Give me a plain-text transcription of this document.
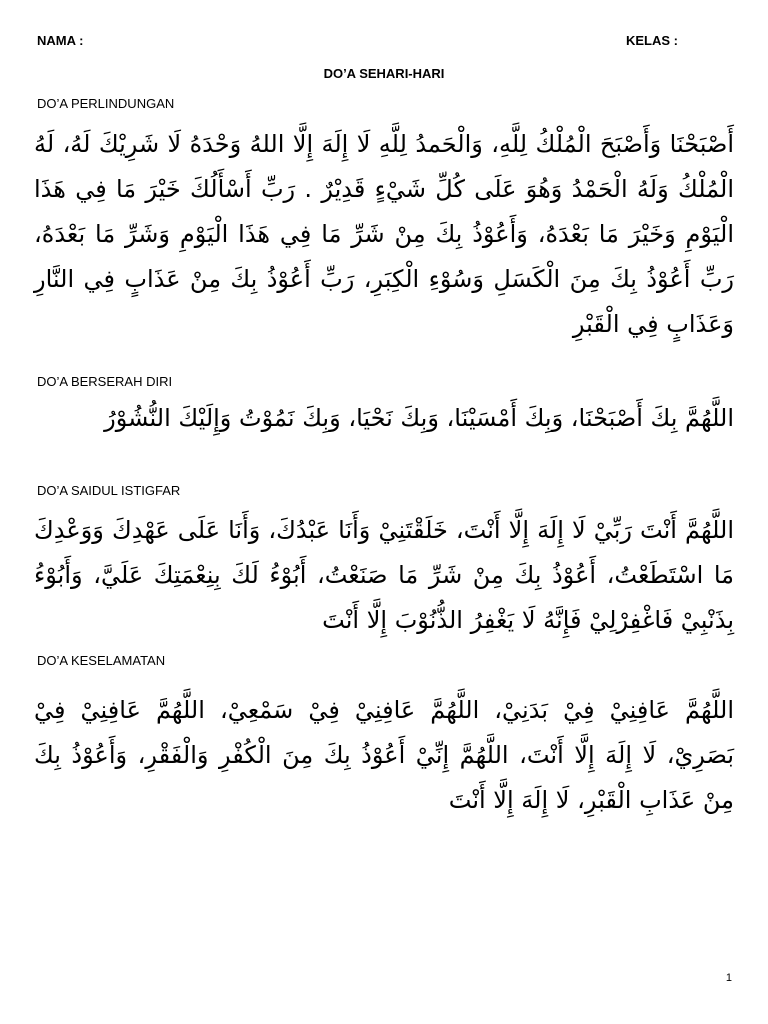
NAMA :	KELAS :
DO’A SEHARI-HARI
DO’A PERLINDUNGAN

أَصْبَحْنَا وَأَصْبَحَ الْمُلْكُ لِلَّهِ، وَالْحَمدُ لِلَّهِ لَا إِلَهَ إِلَّا اللهُ وَحْدَهُ لَا شَرِيْكَ لَهُ، لَهُ الْمُلْكُ وَلَهُ الْحَمْدُ وَهُوَ عَلَى كُلِّ شَيْءٍ قَدِيْرٌ . رَبِّ أَسْأَلُكَ خَيْرَ مَا فِي هَذَا الْيَوْمِ وَخَيْرَ مَا بَعْدَهُ، وَأَعُوْذُ بِكَ مِنْ شَرِّ مَا فِي هَذَا الْيَوْمِ وَشَرِّ مَا بَعْدَهُ، رَبِّ أَعُوْذُ بِكَ مِنَ الْكَسَلِ وَسُوْءِ الْكِبَرِ، رَبِّ أَعُوْذُ بِكَ مِنْ عَذَابٍ فِي النَّارِ وَعَذَابٍ فِي الْقَبْرِ

DO’A BERSERAH DIRI

اللَّهُمَّ بِكَ أَصْبَحْنَا، وَبِكَ أَمْسَيْنَا، وَبِكَ نَحْيَا، وَبِكَ نَمُوْتُ وَإِلَيْكَ النُّشُوْرُ

DO’A SAIDUL ISTIGFAR

اللَّهُمَّ أَنْتَ رَبِّيْ لَا إِلَهَ إِلَّا أَنْتَ، خَلَقْتَنِيْ وَأَنَا عَبْدُكَ، وَأَنَا عَلَى عَهْدِكَ وَوَعْدِكَ مَا اسْتَطَعْتُ، أَعُوْذُ بِكَ مِنْ شَرِّ مَا صَنَعْتُ، أَبُوْءُ لَكَ بِنِعْمَتِكَ عَلَيَّ، وَأَبُوْءُ بِذَنْبِيْ فَاغْفِرْلِيْ فَإِنَّهُ لَا يَغْفِرُ الذُّنُوْبَ إِلَّا أَنْتَ

DO’A KESELAMATAN

اللَّهُمَّ عَافِنِيْ فِيْ بَدَنِيْ، اللَّهُمَّ عَافِنِيْ فِيْ سَمْعِيْ، اللَّهُمَّ عَافِنِيْ فِيْ بَصَرِيْ، لَا إِلَهَ إِلَّا أَنْتَ، اللَّهُمَّ إِنِّيْ أَعُوْذُ بِكَ مِنَ الْكُفْرِ وَالْفَقْرِ، وَأَعُوْذُ بِكَ مِنْ عَذَابِ الْقَبْرِ، لَا إِلَهَ إِلَّا أَنْتَ

1
